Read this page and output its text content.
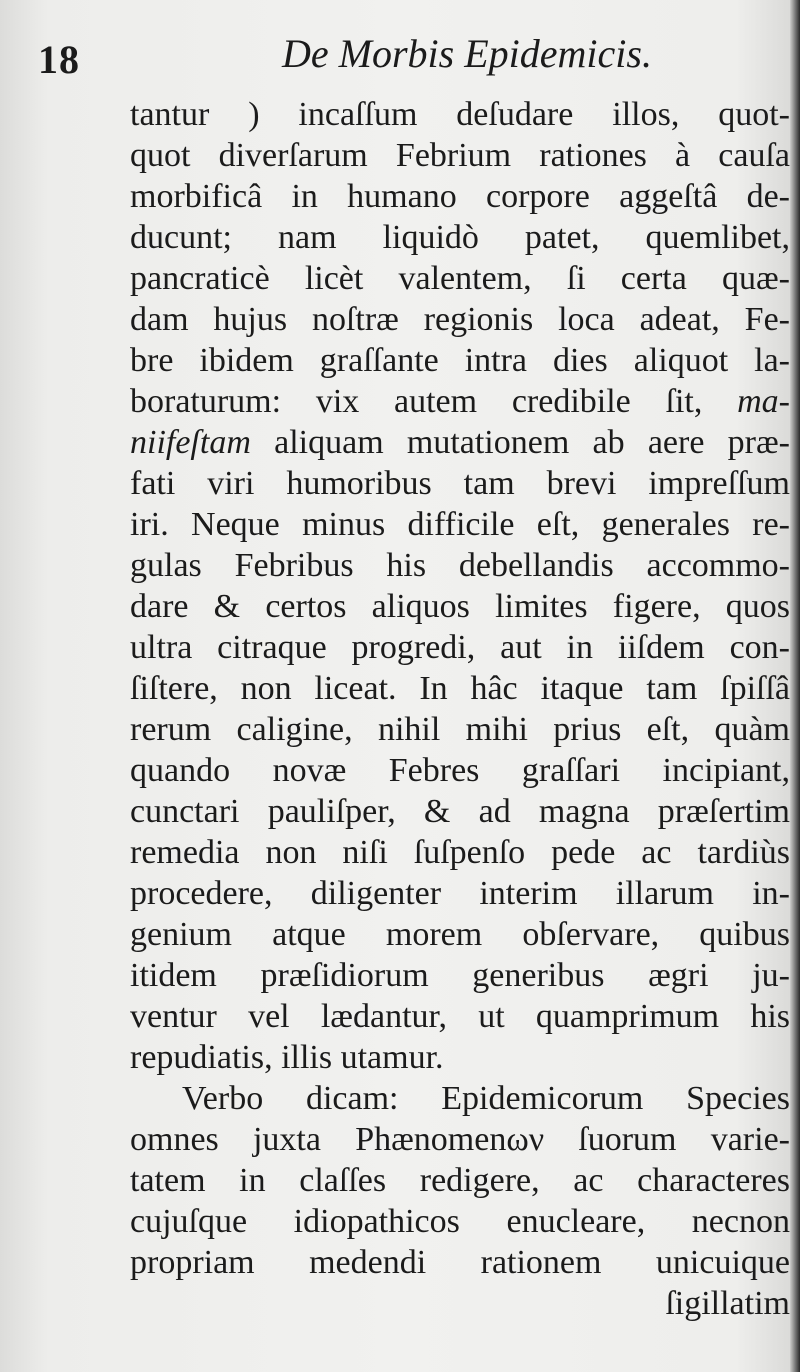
18	De Morbis Epidemicis.
tantur ) incaſſum deſudare illos, quot-
quot diverſarum Febrium rationes à cauſa
morbificâ in humano corpore aggeſtâ de-
ducunt; nam liquidò patet, quemlibet,
pancraticè licèt valentem, ſi certa quæ-
dam hujus noſtræ regionis loca adeat, Fe-
bre ibidem graſſante intra dies aliquot la-
boraturum: vix autem credibile ſit, ma-
niifeſtam aliquam mutationem ab aere præ-
fati viri humoribus tam brevi impreſſum
iri. Neque minus difficile eſt, generales re-
gulas Febribus his debellandis accommo-
dare & certos aliquos limites figere, quos
ultra citraque progredi, aut in iiſdem con-
ſiſtere, non liceat. In hâc itaque tam ſpiſſâ
rerum caligine, nihil mihi prius eſt, quàm
quando novæ Febres graſſari incipiant,
cunctari pauliſper, & ad magna præſertim
remedia non niſi ſuſpenſo pede ac tardiùs
procedere, diligenter interim illarum in-
genium atque morem obſervare, quibus
itidem præſidiorum generibus ægri ju-
ventur vel lædantur, ut quamprimum his
repudiatis, illis utamur.
Verbo dicam: Epidemicorum Species
omnes juxta Phænomenων ſuorum varie-
tatem in claſſes redigere, ac characteres
cujuſque idiopathicos enucleare, necnon
propriam medendi rationem unicuique
ſigillatim
